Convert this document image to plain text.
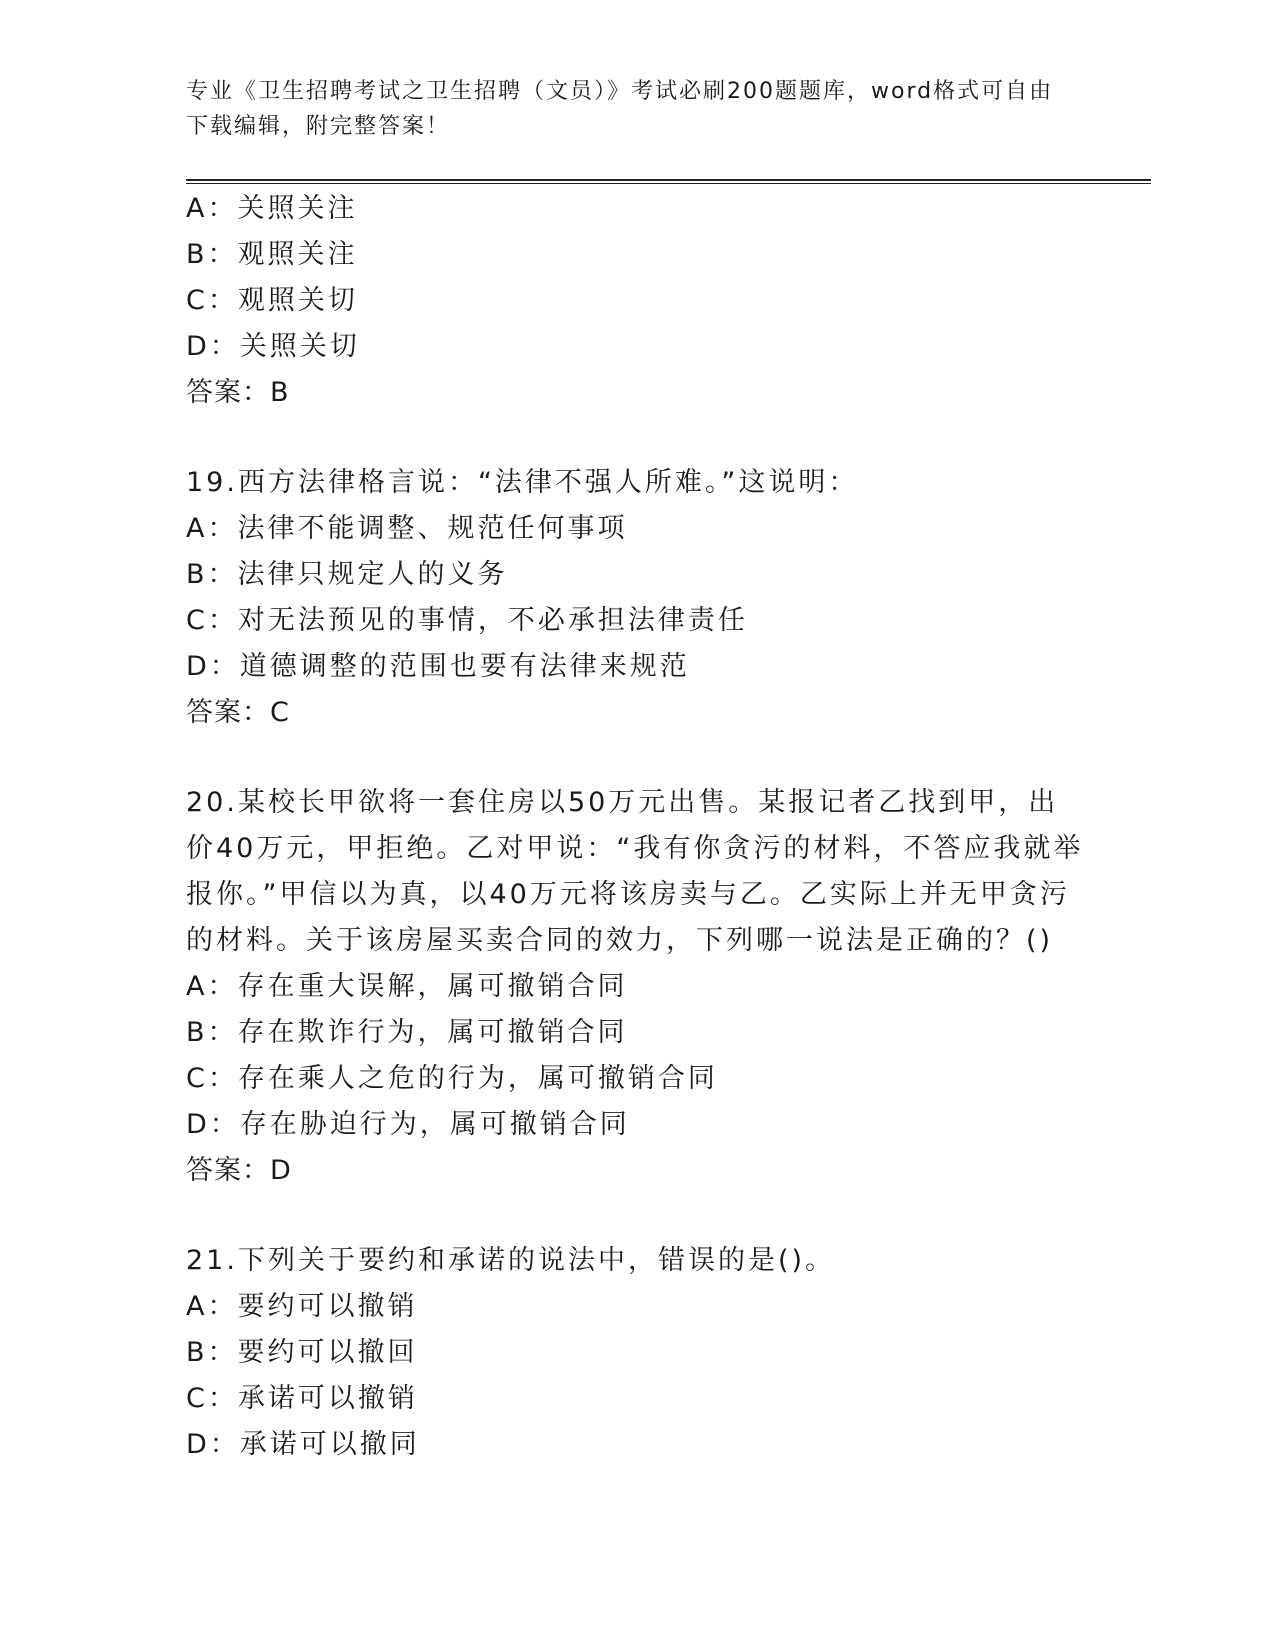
专业《卫生招聘考试之卫生招聘（文员）》考试必刷200题题库，word格式可自由下载编辑，附完整答案！
A：关照关注
B：观照关注
C：观照关切
D：关照关切
答案：B
19.西方法律格言说：“法律不强人所难。”这说明：
A：法律不能调整、规范任何事项
B：法律只规定人的义务
C：对无法预见的事情，不必承担法律责任
D：道德调整的范围也要有法律来规范
答案：C
20.某校长甲欲将一套住房以50万元出售。某报记者乙找到甲，出价40万元，甲拒绝。乙对甲说：“我有你贪污的材料，不答应我就举报你。”甲信以为真，以40万元将该房卖与乙。乙实际上并无甲贪污的材料。关于该房屋买卖合同的效力，下列哪一说法是正确的？()
A：存在重大误解，属可撤销合同
B：存在欺诈行为，属可撤销合同
C：存在乘人之危的行为，属可撤销合同
D：存在胁迫行为，属可撤销合同
答案：D
21.下列关于要约和承诺的说法中，错误的是()。
A：要约可以撤销
B：要约可以撤回
C：承诺可以撤销
D：承诺可以撤同
